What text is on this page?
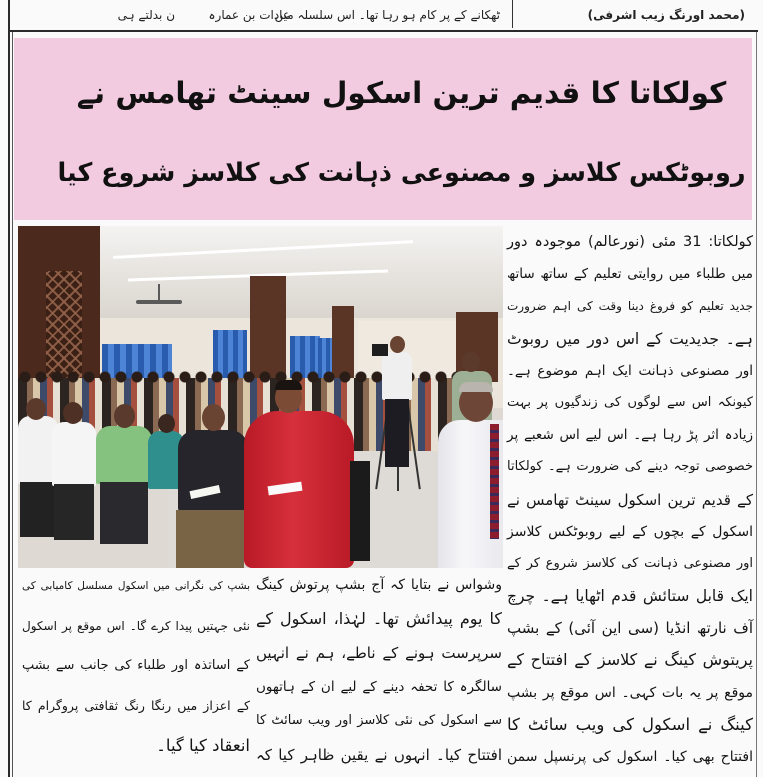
ٹھکانے کے پر کام ہو رہا تھا۔ اس سلسلہ میں
عادات بن عمارہ
ن بدلتے ہی	(محمد اورنگ زیب اشرفی)
کولکاتا کا قدیم ترین اسکول سینٹ تھامس نے
روبوٹکس کلاسز و مصنوعی ذہانت کی کلاسز شروع کیا
کولکاتا: 31 مئی (نورعالم) موجودہ دور
میں طلباء میں روایتی تعلیم کے ساتھ ساتھ
جدید تعلیم کو فروغ دینا وقت کی اہم ضرورت
ہے۔ جدیدیت کے اس دور میں روبوٹ
اور مصنوعی ذہانت ایک اہم موضوع ہے۔
کیونکہ اس سے لوگوں کی زندگیوں پر بہت
زیادہ اثر پڑ رہا ہے۔ اس لیے اس شعبے پر
خصوصی توجہ دینے کی ضرورت ہے۔ کولکاتا
کے قدیم ترین اسکول سینٹ تھامس نے
اسکول کے بچوں کے لیے روبوٹکس کلاسز
اور مصنوعی ذہانت کی کلاسز شروع کر کے
ایک قابل ستائش قدم اٹھایا ہے۔ چرچ
آف نارتھ انڈیا (سی این آئی) کے بشپ
پریتوش کینگ نے کلاسز کے افتتاح کے
موقع پر یہ بات کہی۔ اس موقع پر بشپ
کینگ نے اسکول کی ویب سائٹ کا
افتتاح بھی کیا۔ اسکول کی پرنسپل سمن
وشواس نے بتایا کہ آج بشپ پرتوش کینگ
کا یوم پیدائش تھا۔ لہٰذا، اسکول کے
سرپرست ہونے کے ناطے، ہم نے انہیں
سالگرہ کا تحفہ دینے کے لیے ان کے ہاتھوں
سے اسکول کی نئی کلاسز اور ویب سائٹ کا
افتتاح کیا۔ انہوں نے یقین ظاہر کیا کہ
بشپ کی نگرانی میں اسکول مسلسل کامیابی کی
نئی جہتیں پیدا کرے گا۔ اس موقع پر اسکول
کے اساتذہ اور طلباء کی جانب سے بشپ
کے اعزاز میں رنگا رنگ ثقافتی پروگرام کا
انعقاد کیا گیا۔
